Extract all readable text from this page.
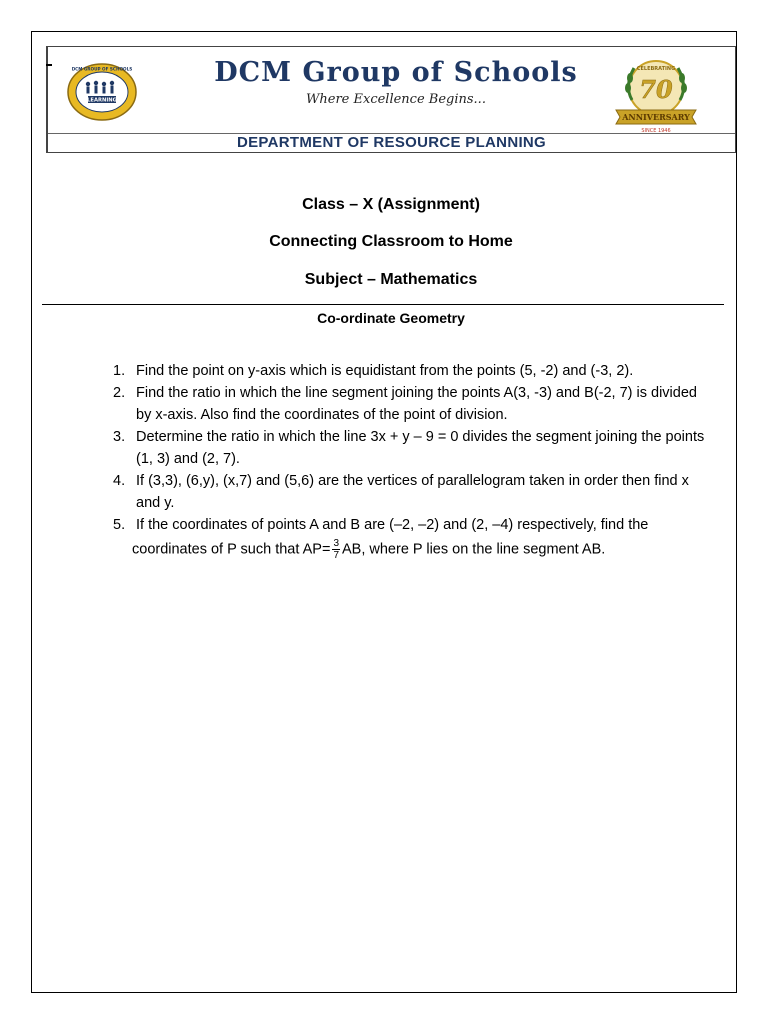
LEARNING
DCM GROUP OF SCHOOLS	DCM Group of Schools
Where Excellence Begins...
CELEBRATING
70
ANNIVERSARY
SINCE 1946
DEPARTMENT OF RESOURCE PLANNING
Class – X (Assignment)
Connecting Classroom to Home
Subject – Mathematics
Co-ordinate Geometry
1. Find the point on y-axis which is equidistant from the points (5, -2) and (-3, 2).
2. Find the ratio in which the line segment joining the points A(3, -3) and B(-2, 7) is divided by x-axis. Also find the coordinates of the point of division.
3. Determine the ratio in which the line 3x + y – 9 = 0 divides the segment joining the points (1, 3) and (2, 7).
4. If (3,3), (6,y), (x,7) and (5,6) are the vertices of parallelogram taken in order then find x and y.
5. If the coordinates of points A and B are (–2, –2) and (2, –4) respectively, find the
coordinates of P such that $AP= \frac{3}{7}$ AB, where P lies on the line segment AB.
